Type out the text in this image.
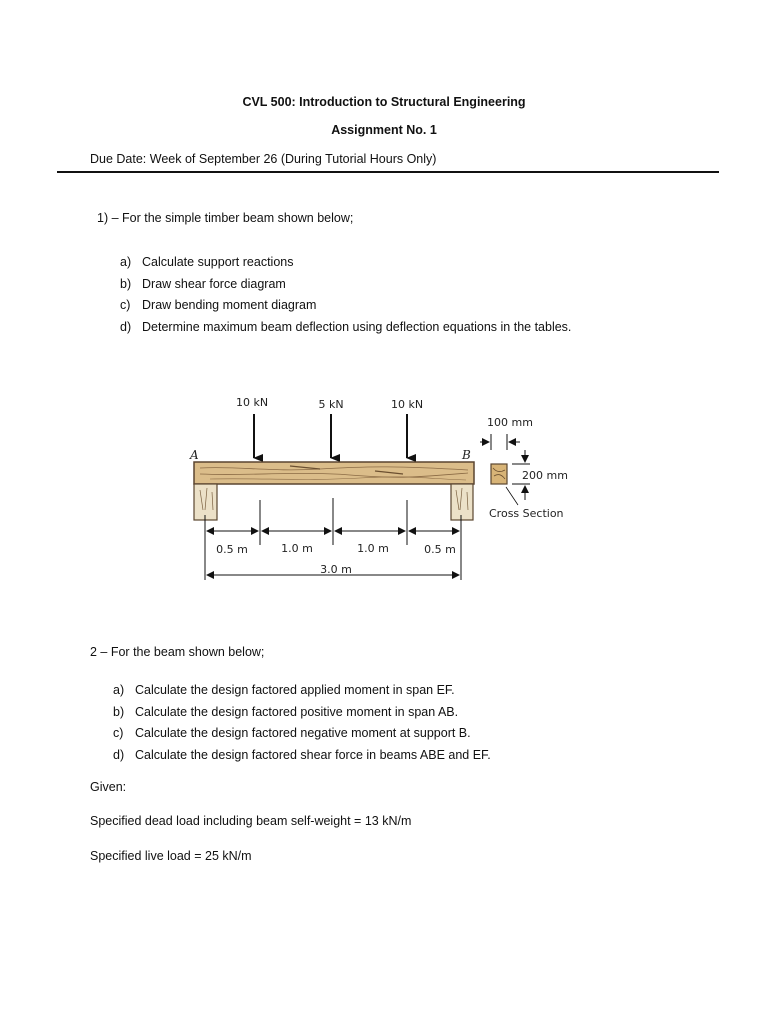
CVL 500: Introduction to Structural Engineering
Assignment No. 1
Due Date: Week of September 26 (During Tutorial Hours Only)
1) – For the simple timber beam shown below;
a) Calculate support reactions
b) Draw shear force diagram
c) Draw bending moment diagram
d) Determine maximum beam deflection using deflection equations in the tables.
10 kN	5 kN	10 kN
A	B
0.5 m	1.0 m	1.0 m	0.5 m
3.0 m
100 mm
200 mm
Cross Section
2 – For the beam shown below;
a) Calculate the design factored applied moment in span EF.
b) Calculate the design factored positive moment in span AB.
c) Calculate the design factored negative moment at support B.
d) Calculate the design factored shear force in beams ABE and EF.
Given:
Specified dead load including beam self-weight = 13 kN/m
Specified live load = 25 kN/m
